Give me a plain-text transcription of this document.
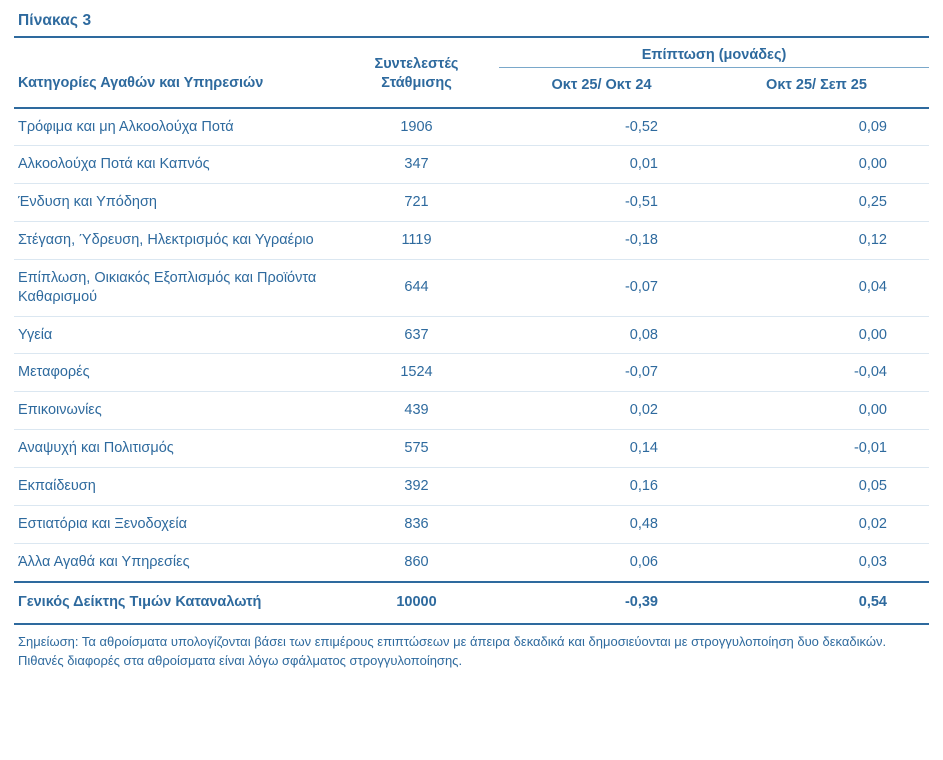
Πίνακας 3
Κατηγορίες Αγαθών και Υπηρεσιών	Συντελεστές Στάθμισης	Επίπτωση (μονάδες)	
		Οκτ 25/ Οκτ 24	Οκτ 25/ Σεπ 25
Τρόφιμα και μη Αλκοολούχα Ποτά	1906	-0,52	0,09
Αλκοολούχα Ποτά και Καπνός	347	0,01	0,00
Ένδυση και Υπόδηση	721	-0,51	0,25
Στέγαση, Ύδρευση, Ηλεκτρισμός και Υγραέριο	1119	-0,18	0,12
Επίπλωση, Οικιακός Εξοπλισμός και Προϊόντα Καθαρισμού	644	-0,07	0,04
Υγεία	637	0,08	0,00
Μεταφορές	1524	-0,07	-0,04
Επικοινωνίες	439	0,02	0,00
Αναψυχή και Πολιτισμός	575	0,14	-0,01
Εκπαίδευση	392	0,16	0,05
Εστιατόρια και Ξενοδοχεία	836	0,48	0,02
Άλλα Αγαθά και Υπηρεσίες	860	0,06	0,03
Γενικός Δείκτης Τιμών Καταναλωτή	10000	-0,39	0,54
Σημείωση: Τα αθροίσματα υπολογίζονται βάσει των επιμέρους επιπτώσεων με άπειρα δεκαδικά και δημοσιεύονται με στρογγυλοποίηση δυο δεκαδικών. Πιθανές διαφορές στα αθροίσματα είναι λόγω σφάλματος στρογγυλοποίησης.
